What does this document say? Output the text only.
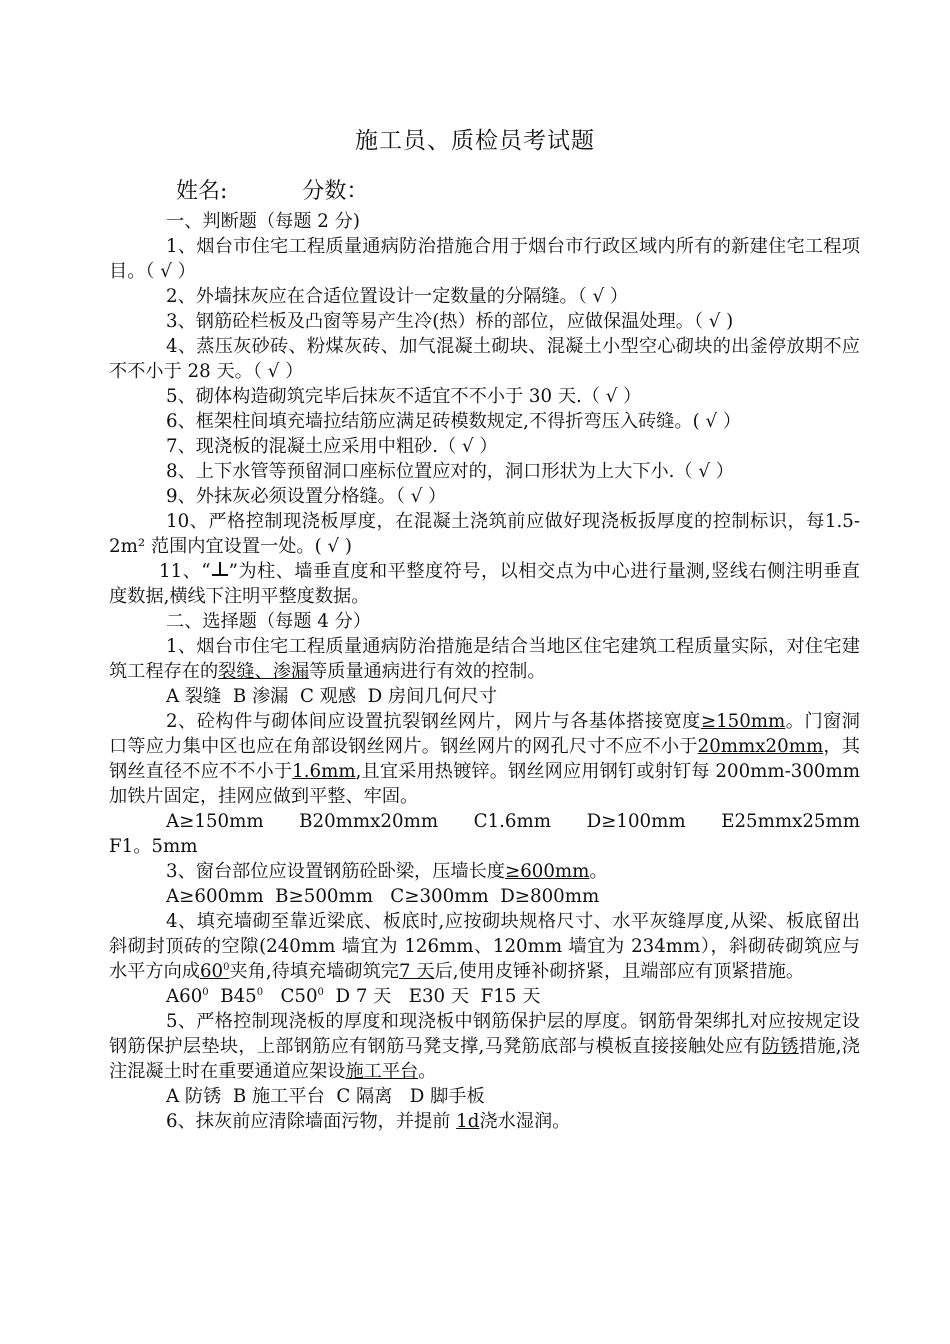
施工员、质检员考试题
姓名:	分数：

一、判断题（每题 2 分)

1、烟台市住宅工程质量通病防治措施合用于烟台市行政区域内所有的新建住宅工程项目。（ √ ）

2、外墙抹灰应在合适位置设计一定数量的分隔缝。（ √ ）

3、钢筋砼栏板及凸窗等易产生冷(热）桥的部位，应做保温处理。（ √ )

4、蒸压灰砂砖、粉煤灰砖、加气混凝土砌块、混凝土小型空心砌块的出釜停放期不应不不小于 28 天。（ √ ）

5、砌体构造砌筑完毕后抹灰不适宜不不小于 30 天.（ √ ）

6、框架柱间填充墙拉结筋应满足砖模数规定,不得折弯压入砖缝。( √ ）

7、现浇板的混凝土应采用中粗砂.（ √ ）

8、上下水管等预留洞口座标位置应对的，洞口形状为上大下小.（ √ ）

9、外抹灰必须设置分格缝。（ √ ）

10、严格控制现浇板厚度，在混凝土浇筑前应做好现浇板扳厚度的控制标识，每1.5-2m² 范围内宜设置一处。( √ )

11、“ ”为柱、墙垂直度和平整度符号，以相交点为中心进行量测,竖线右侧注明垂直度数据,横线下注明平整度数据。

二、选择题（每题 4 分）

1、烟台市住宅工程质量通病防治措施是结合当地区住宅建筑工程质量实际，对住宅建筑工程存在的裂缝、渗漏等质量通病进行有效的控制。

A 裂缝  B 渗漏  C 观感  D 房间几何尺寸

2、砼构件与砌体间应设置抗裂钢丝网片，网片与各基体搭接宽度≥150mm。门窗洞口等应力集中区也应在角部设钢丝网片。钢丝网片的网孔尺寸不应不小于20mmx20mm，其钢丝直径不应不不小于1.6mm,且宜采用热镀锌。钢丝网应用钢钉或射钉每 200mm-300mm 加铁片固定，挂网应做到平整、牢固。

A≥150mm B20mmx20mm C1.6mm D≥100mm E25mmx25mm

F1。5mm

3、窗台部位应设置钢筋砼卧梁，压墙长度≥600mm。

A≥600mm  B≥500mm   C≥300mm  D≥800mm

4、填充墙砌至靠近梁底、板底时,应按砌块规格尺寸、水平灰缝厚度,从梁、板底留出斜砌封顶砖的空隙(240mm 墙宜为 126mm、120mm 墙宜为 234mm），斜砌砖砌筑应与水平方向成$60^0$夹角,待填充墙砌筑完7 天后,使用皮锤补砌挤紧，且端部应有顶紧措施。

$A60^0$  $B45^0$   $C50^0$  D 7 天   E30 天  F15 天

5、严格控制现浇板的厚度和现浇板中钢筋保护层的厚度。钢筋骨架绑扎对应按规定设钢筋保护层垫块，上部钢筋应有钢筋马凳支撑,马凳筋底部与模板直接接触处应有防锈措施,浇注混凝土时在重要通道应架设施工平台。

A 防锈  B 施工平台  C 隔离   D 脚手板

6、抹灰前应清除墙面污物，并提前 1d浇水湿润。
